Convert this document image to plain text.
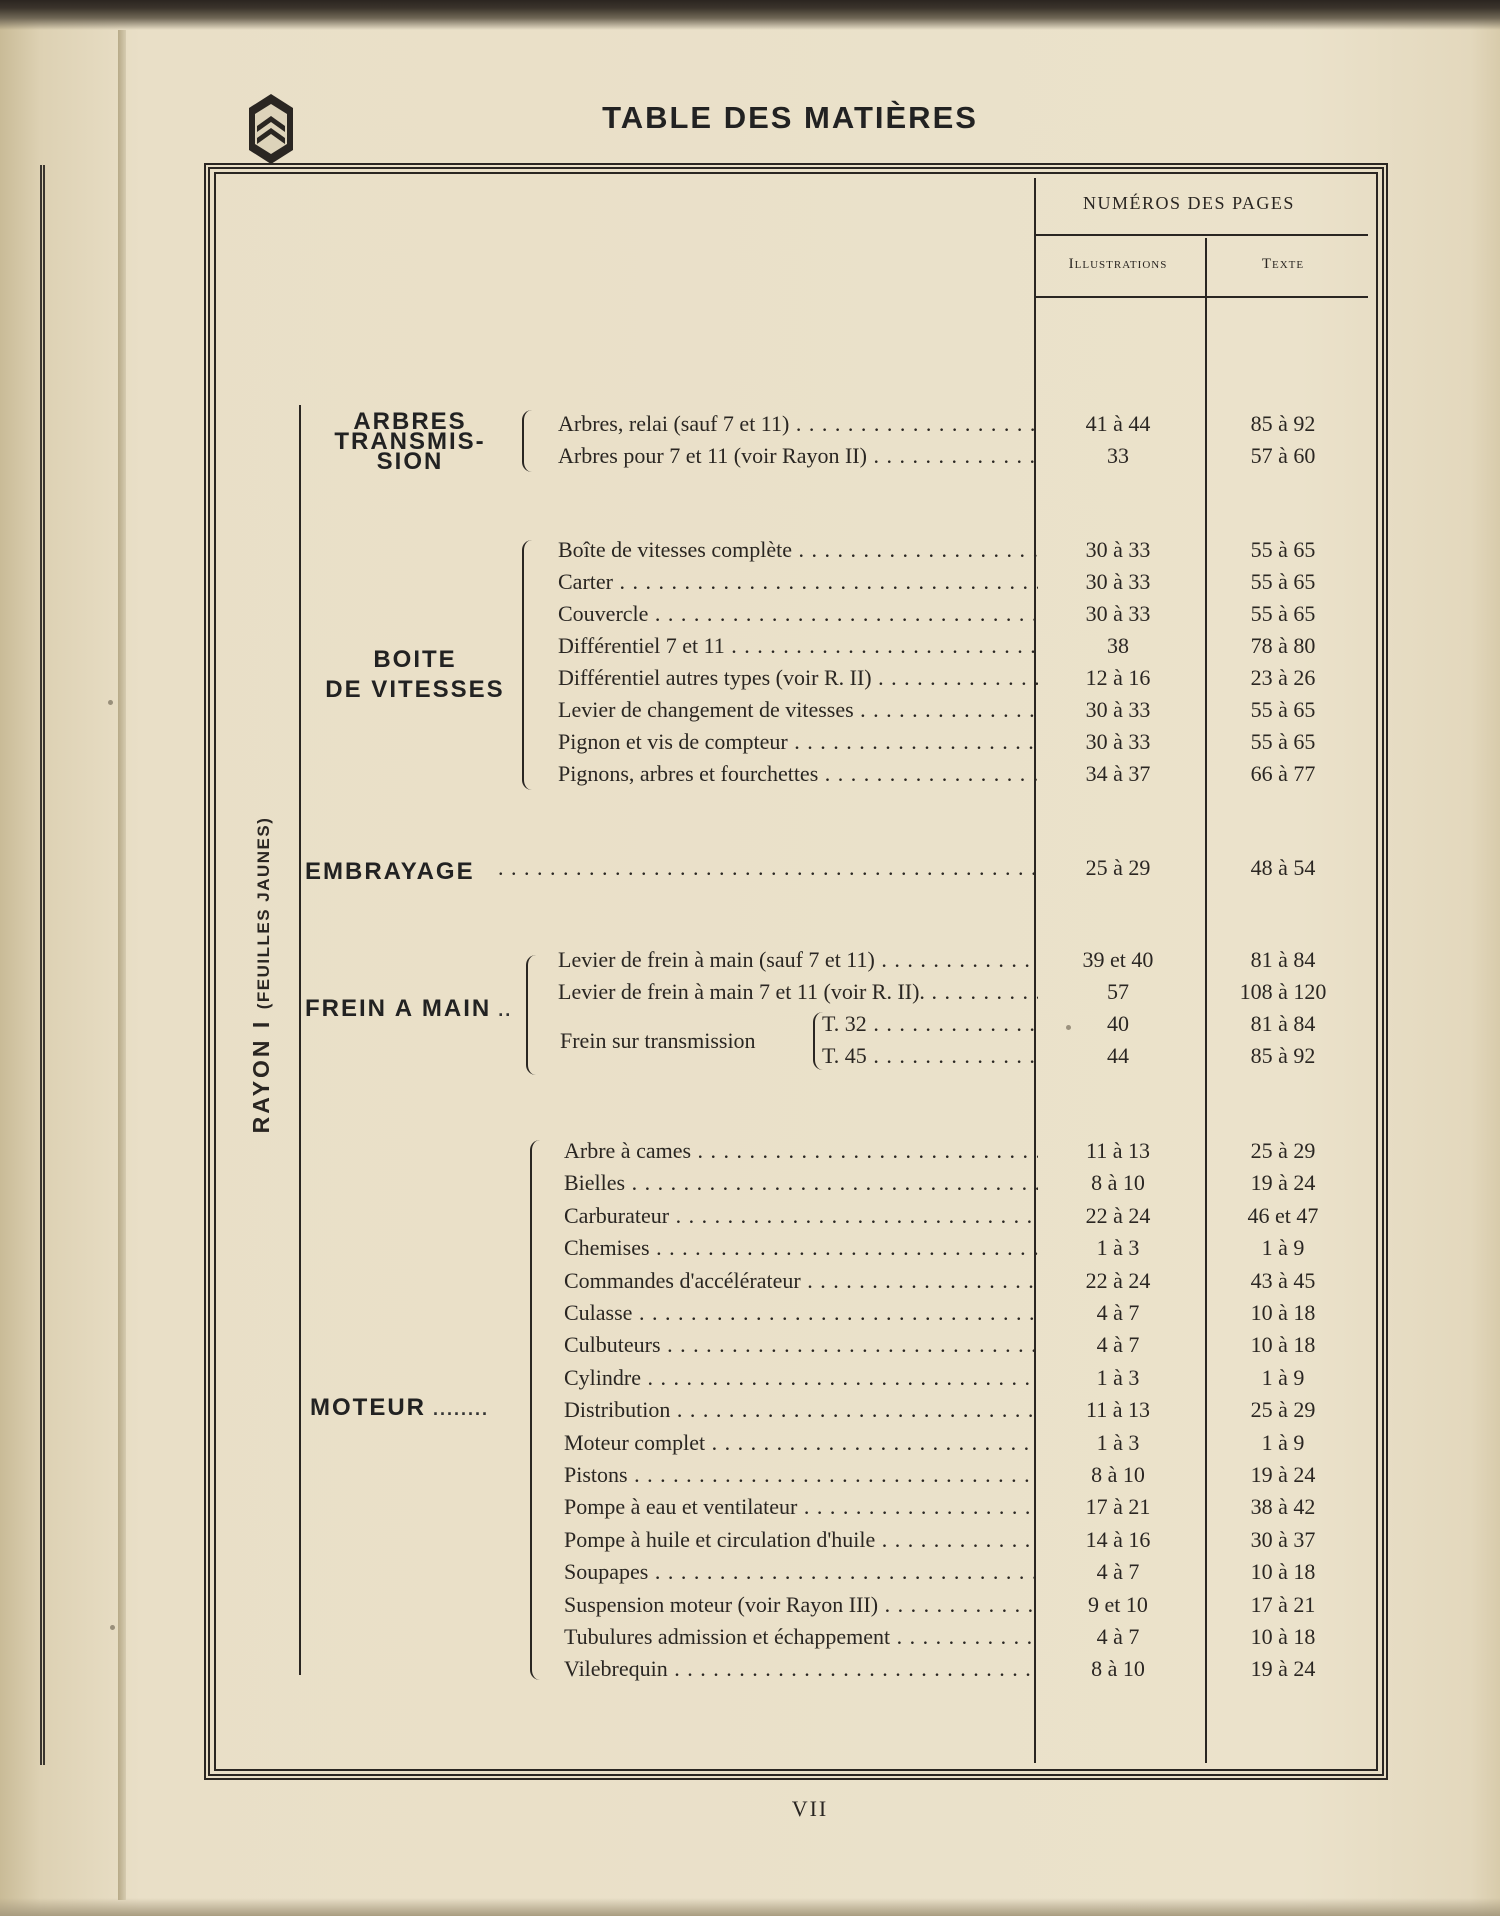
TABLE DES MATIÈRES
NUMÉROS DES PAGES
Illustrations	Texte
RAYON I (FEUILLES JAUNES)
ARBRES
TRANSMIS-
SION
Arbres, relai (sauf 7 et 11) . . .	41 à 44	85 à 92
Arbres pour 7 et 11 (voir Rayon II) . . .	33	57 à 60
BOITE
DE VITESSES
Boîte de vitesses complète . . .	30 à 33	55 à 65
Carter . . .	30 à 33	55 à 65
Couvercle . . .	30 à 33	55 à 65
Différentiel 7 et 11 . . .	38	78 à 80
Différentiel autres types (voir R. II) . . .	12 à 16	23 à 26
Levier de changement de vitesses . . .	30 à 33	55 à 65
Pignon et vis de compteur . . .	30 à 33	55 à 65
Pignons, arbres et fourchettes . . .	34 à 37	66 à 77
EMBRAYAGE
. . .	25 à 29	48 à 54
FREIN A MAIN ..
Levier de frein à main (sauf 7 et 11) . . .	39 et 40	81 à 84
Levier de frein à main 7 et 11 (voir R. II). . . .	57	108 à 120
Frein sur transmission
T. 32 . . .	40	81 à 84
T. 45 . . .	44	85 à 92
MOTEUR ........
Arbre à cames . . .	11 à 13	25 à 29
Bielles . . .	8 à 10	19 à 24
Carburateur . . .	22 à 24	46 et 47
Chemises . . .	1 à 3	1 à 9
Commandes d'accélérateur . . .	22 à 24	43 à 45
Culasse . . .	4 à 7	10 à 18
Culbuteurs . . .	4 à 7	10 à 18
Cylindre . . .	1 à 3	1 à 9
Distribution . . .	11 à 13	25 à 29
Moteur complet . . .	1 à 3	1 à 9
Pistons . . .	8 à 10	19 à 24
Pompe à eau et ventilateur . . .	17 à 21	38 à 42
Pompe à huile et circulation d'huile . . .	14 à 16	30 à 37
Soupapes . . .	4 à 7	10 à 18
Suspension moteur (voir Rayon III) . . .	9 et 10	17 à 21
Tubulures admission et échappement . . .	4 à 7	10 à 18
Vilebrequin . . .	8 à 10	19 à 24
VII
